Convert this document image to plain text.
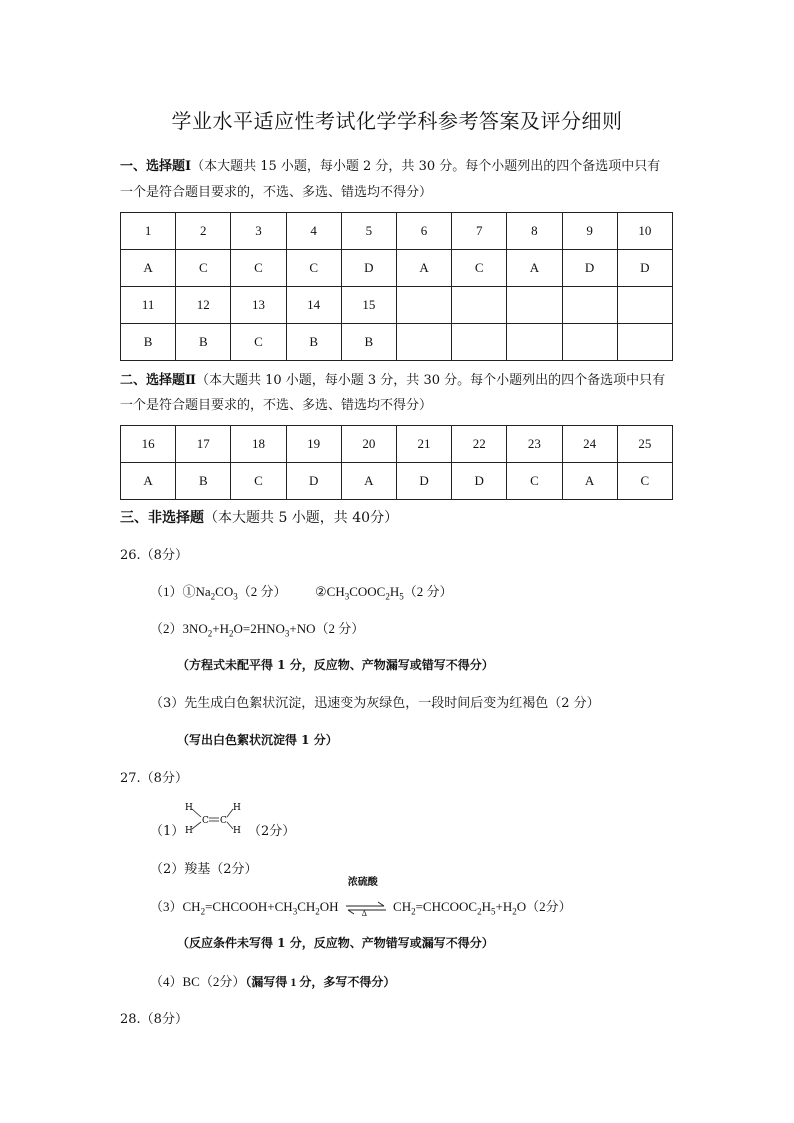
学业水平适应性考试化学学科参考答案及评分细则
一、选择题Ⅰ（本大题共 15 小题，每小题 2 分，共 30 分。每个小题列出的四个备选项中只有
一个是符合题目要求的，不选、多选、错选均不得分）
1	2	3	4	5	6	7	8	9	10
A	C	C	C	D	A	C	A	D	D
11	12	13	14	15					
B	B	C	B	B					
二、选择题Ⅱ（本大题共 10 小题，每小题 3 分，共 30 分。每个小题列出的四个备选项中只有
一个是符合题目要求的，不选、多选、错选均不得分）
16	17	18	19	20	21	22	23	24	25
A	B	C	D	A	D	D	C	A	C
三、非选择题（本大题共 5 小题，共 40分）
26.（8分）
$(1)①Na_2CO_3(2$ 分） $②CH_3COOC_2H_5(2$ 分）
$(2)3NO_2+H_2O=2HNO_3+NO(2$ 分）
（方程式未配平得 1 分，反应物、产物漏写或错写不得分）
（3）先生成白色絮状沉淀，迅速变为灰绿色，一段时间后变为红褐色（2 分）
（写出白色絮状沉淀得 1 分）
27.（8分）
（1）
H
H
H
H
C C
（2分）
（2）羧基（2分）
$(3)CH_2=CHCOOH+CH_3CH_2OH$
浓硫酸
Δ $CH_2=CHCOOC_2H_5+H_2O(2$分）
（反应条件未写得 1 分，反应物、产物错写或漏写不得分）
（4）BC（2分）（漏写得 1 分，多写不得分）
28.（8分）
